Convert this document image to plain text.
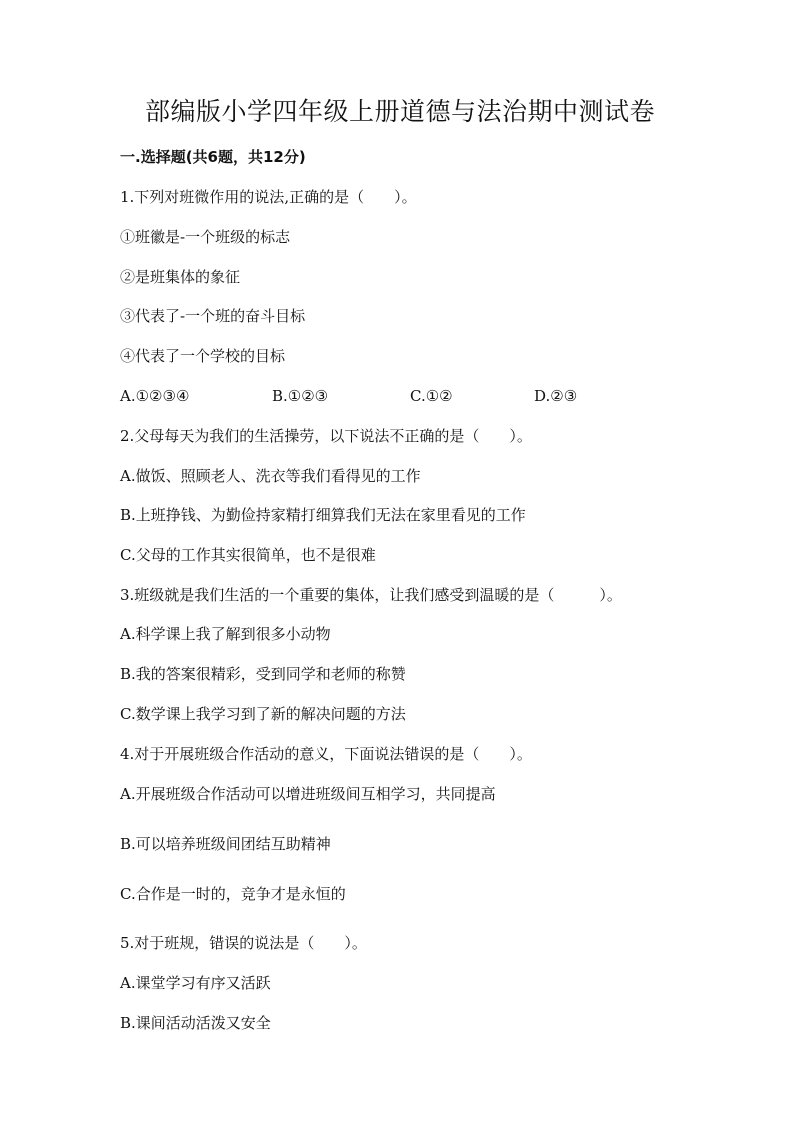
部编版小学四年级上册道德与法治期中测试卷
一.选择题(共6题，共12分)
1.下列对班微作用的说法,正确的是（　　）。
①班徽是-一个班级的标志
②是班集体的象征
③代表了-一个班的奋斗目标
④代表了一个学校的目标
A.①②③④	B.①②③	C.①②	D.②③
2.父母每天为我们的生活操劳，以下说法不正确的是（　　）。
A.做饭、照顾老人、洗衣等我们看得见的工作
B.上班挣钱、为勤俭持家精打细算我们无法在家里看见的工作
C.父母的工作其实很简单，也不是很难
3.班级就是我们生活的一个重要的集体，让我们感受到温暖的是（　　　）。
A.科学课上我了解到很多小动物
B.我的答案很精彩，受到同学和老师的称赞
C.数学课上我学习到了新的解决问题的方法
4.对于开展班级合作活动的意义，下面说法错误的是（　　）。
A.开展班级合作活动可以增进班级间互相学习，共同提高
B.可以培养班级间团结互助精神
C.合作是一时的，竞争才是永恒的
5.对于班规，错误的说法是（　　）。
A.课堂学习有序又活跃
B.课间活动活泼又安全
